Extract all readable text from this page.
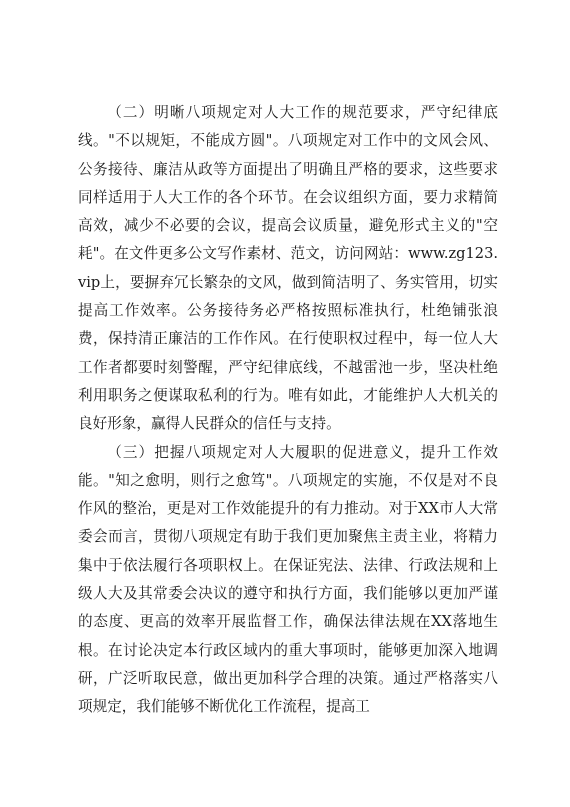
（二）明晰八项规定对人大工作的规范要求，严守纪律底线。"不以规矩，不能成方圆"。八项规定对工作中的文风会风、公务接待、廉洁从政等方面提出了明确且严格的要求，这些要求同样适用于人大工作的各个环节。在会议组织方面，要力求精简高效，减少不必要的会议，提高会议质量，避免形式主义的"空耗"。在文件更多公文写作素材、范文，访问网站：www.zg123.vip上，要摒弃冗长繁杂的文风，做到简洁明了、务实管用，切实提高工作效率。公务接待务必严格按照标准执行，杜绝铺张浪费，保持清正廉洁的工作作风。在行使职权过程中，每一位人大工作者都要时刻警醒，严守纪律底线，不越雷池一步，坚决杜绝利用职务之便谋取私利的行为。唯有如此，才能维护人大机关的良好形象，赢得人民群众的信任与支持。

（三）把握八项规定对人大履职的促进意义，提升工作效能。"知之愈明，则行之愈笃"。八项规定的实施，不仅是对不良作风的整治，更是对工作效能提升的有力推动。对于XX市人大常委会而言，贯彻八项规定有助于我们更加聚焦主责主业，将精力集中于依法履行各项职权上。在保证宪法、法律、行政法规和上级人大及其常委会决议的遵守和执行方面，我们能够以更加严谨的态度、更高的效率开展监督工作，确保法律法规在XX落地生根。在讨论决定本行政区域内的重大事项时，能够更加深入地调研，广泛听取民意，做出更加科学合理的决策。通过严格落实八项规定，我们能够不断优化工作流程，提高工
